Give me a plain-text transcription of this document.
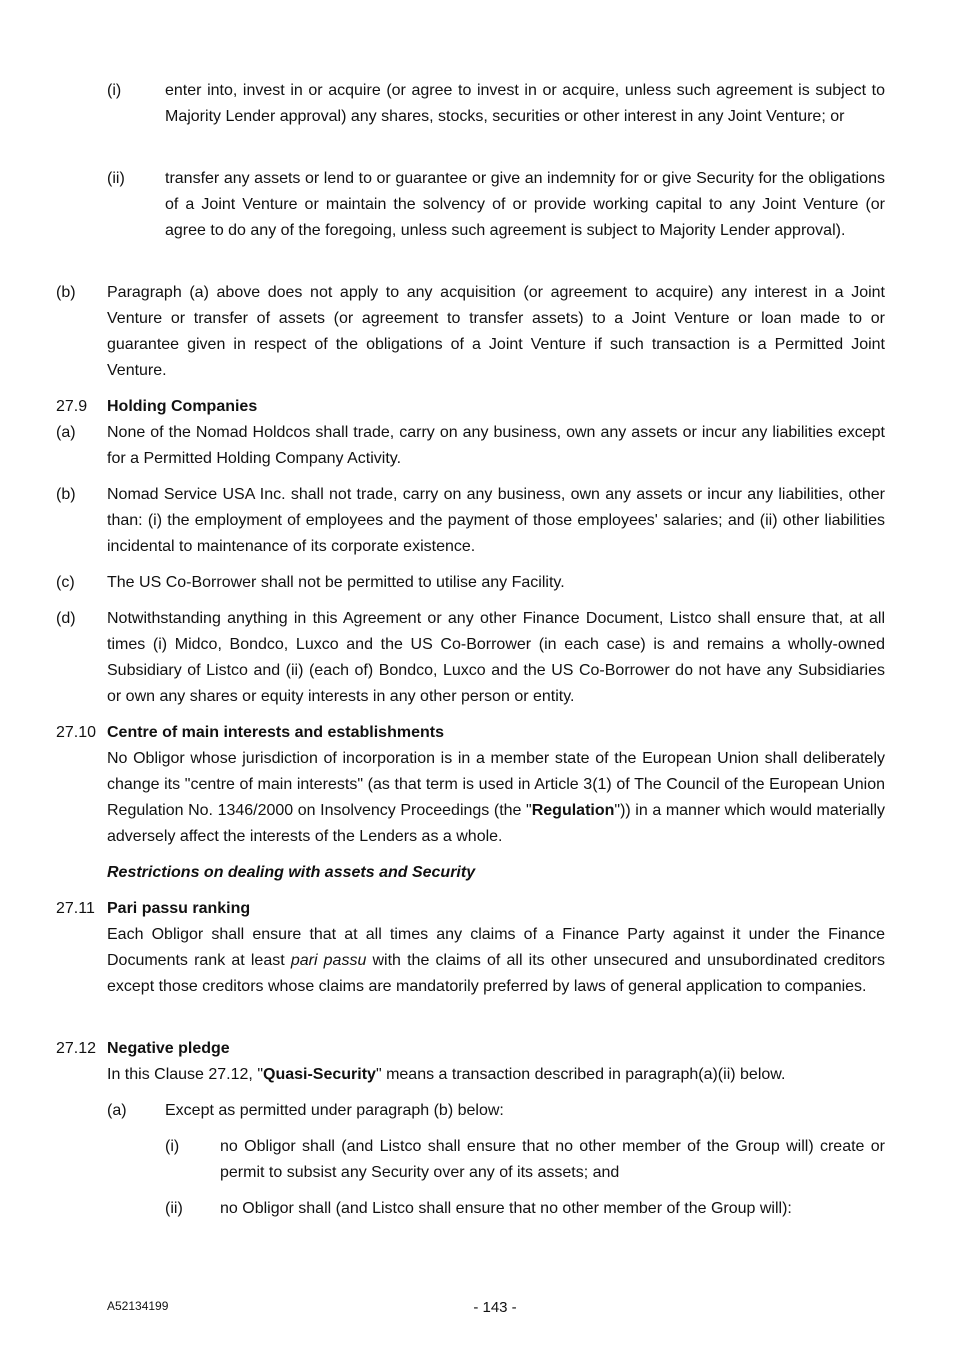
(i)	enter into, invest in or acquire (or agree to invest in or acquire, unless such agreement is subject to Majority Lender approval) any shares, stocks, securities or other interest in any Joint Venture; or
(ii)	transfer any assets or lend to or guarantee or give an indemnity for or give Security for the obligations of a Joint Venture or maintain the solvency of or provide working capital to any Joint Venture (or agree to do any of the foregoing, unless such agreement is subject to Majority Lender approval).
(b) Paragraph (a) above does not apply to any acquisition (or agreement to acquire) any interest in a Joint Venture or transfer of assets (or agreement to transfer assets) to a Joint Venture or loan made to or guarantee given in respect of the obligations of a Joint Venture if such transaction is a Permitted Joint Venture.
27.9 Holding Companies
(a) None of the Nomad Holdcos shall trade, carry on any business, own any assets or incur any liabilities except for a Permitted Holding Company Activity.
(b) Nomad Service USA Inc. shall not trade, carry on any business, own any assets or incur any liabilities, other than: (i) the employment of employees and the payment of those employees' salaries; and (ii) other liabilities incidental to maintenance of its corporate existence.
(c) The US Co-Borrower shall not be permitted to utilise any Facility.
(d) Notwithstanding anything in this Agreement or any other Finance Document, Listco shall ensure that, at all times (i) Midco, Bondco, Luxco and the US Co-Borrower (in each case) is and remains a wholly-owned Subsidiary of Listco and (ii) (each of) Bondco, Luxco and the US Co-Borrower do not have any Subsidiaries or own any shares or equity interests in any other person or entity.
27.10 Centre of main interests and establishments
No Obligor whose jurisdiction of incorporation is in a member state of the European Union shall deliberately change its "centre of main interests" (as that term is used in Article 3(1) of The Council of the European Union Regulation No. 1346/2000 on Insolvency Proceedings (the "Regulation")) in a manner which would materially adversely affect the interests of the Lenders as a whole.
Restrictions on dealing with assets and Security
27.11 Pari passu ranking
Each Obligor shall ensure that at all times any claims of a Finance Party against it under the Finance Documents rank at least pari passu with the claims of all its other unsecured and unsubordinated creditors except those creditors whose claims are mandatorily preferred by laws of general application to companies.
27.12 Negative pledge
In this Clause 27.12, "Quasi-Security" means a transaction described in paragraph(a)(ii) below.
(a) Except as permitted under paragraph (b) below:
(i)	no Obligor shall (and Listco shall ensure that no other member of the Group will) create or permit to subsist any Security over any of its assets; and
(ii) no Obligor shall (and Listco shall ensure that no other member of the Group will):
A52134199	- 143 -
